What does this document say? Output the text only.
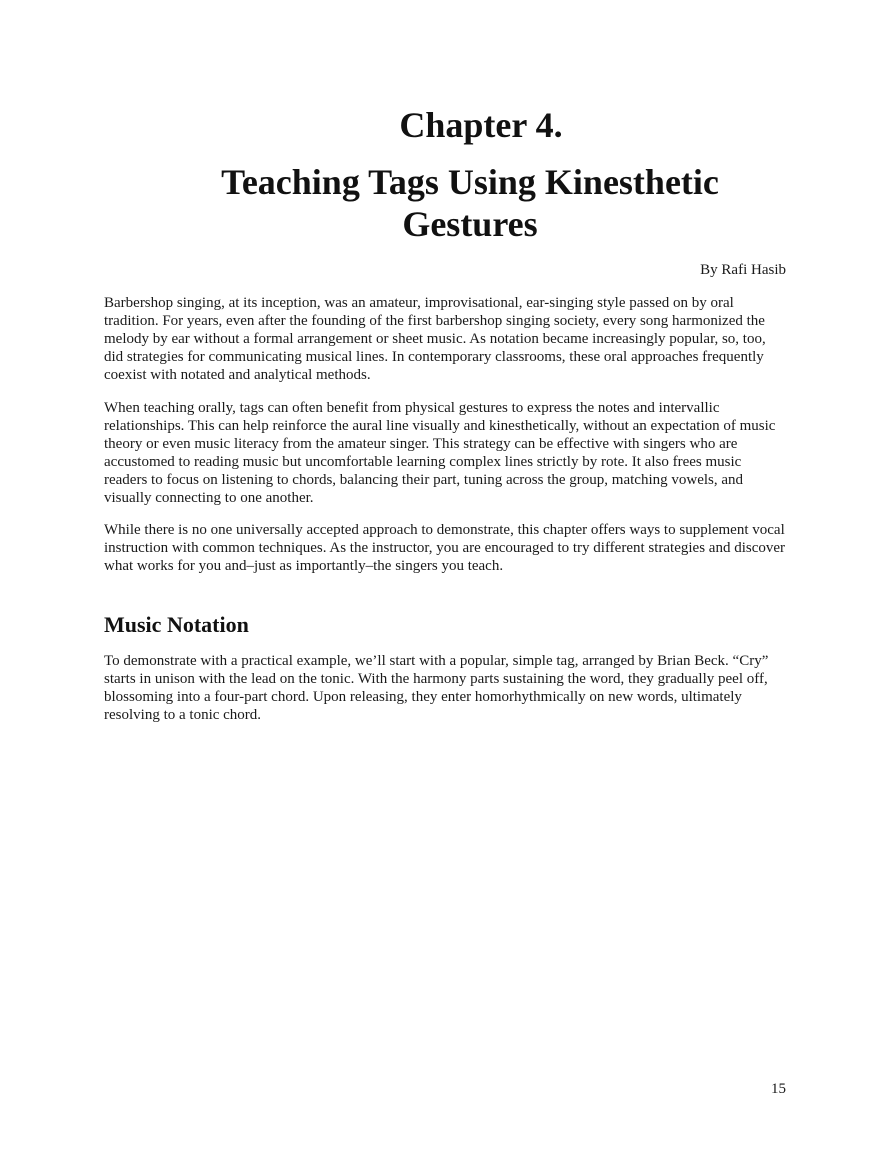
Chapter 4.
Teaching Tags Using Kinesthetic Gestures

By Rafi Hasib

Barbershop singing, at its inception, was an amateur, improvisational, ear-singing style passed on by oral tradition. For years, even after the founding of the first barbershop singing society, every song harmonized the melody by ear without a formal arrangement or sheet music. As notation became increasingly popular, so, too, did strategies for communicating musical lines. In contemporary classrooms, these oral approaches frequently coexist with notated and analytical methods.

When teaching orally, tags can often benefit from physical gestures to express the notes and intervallic relationships. This can help reinforce the aural line visually and kinesthetically, without an expectation of music theory or even music literacy from the amateur singer. This strategy can be effective with singers who are accustomed to reading music but uncomfortable learning complex lines strictly by rote. It also frees music readers to focus on listening to chords, balancing their part, tuning across the group, matching vowels, and visually connecting to one another.

While there is no one universally accepted approach to demonstrate, this chapter offers ways to supplement vocal instruction with common techniques. As the instructor, you are encouraged to try different strategies and discover what works for you and–just as importantly–the singers you teach.

Music Notation

To demonstrate with a practical example, we’ll start with a popular, simple tag, arranged by Brian Beck. “Cry” starts in unison with the lead on the tonic. With the harmony parts sustaining the word, they gradually peel off, blossoming into a four-part chord. Upon releasing, they enter homorhythmically on new words, ultimately resolving to a tonic chord.

15
